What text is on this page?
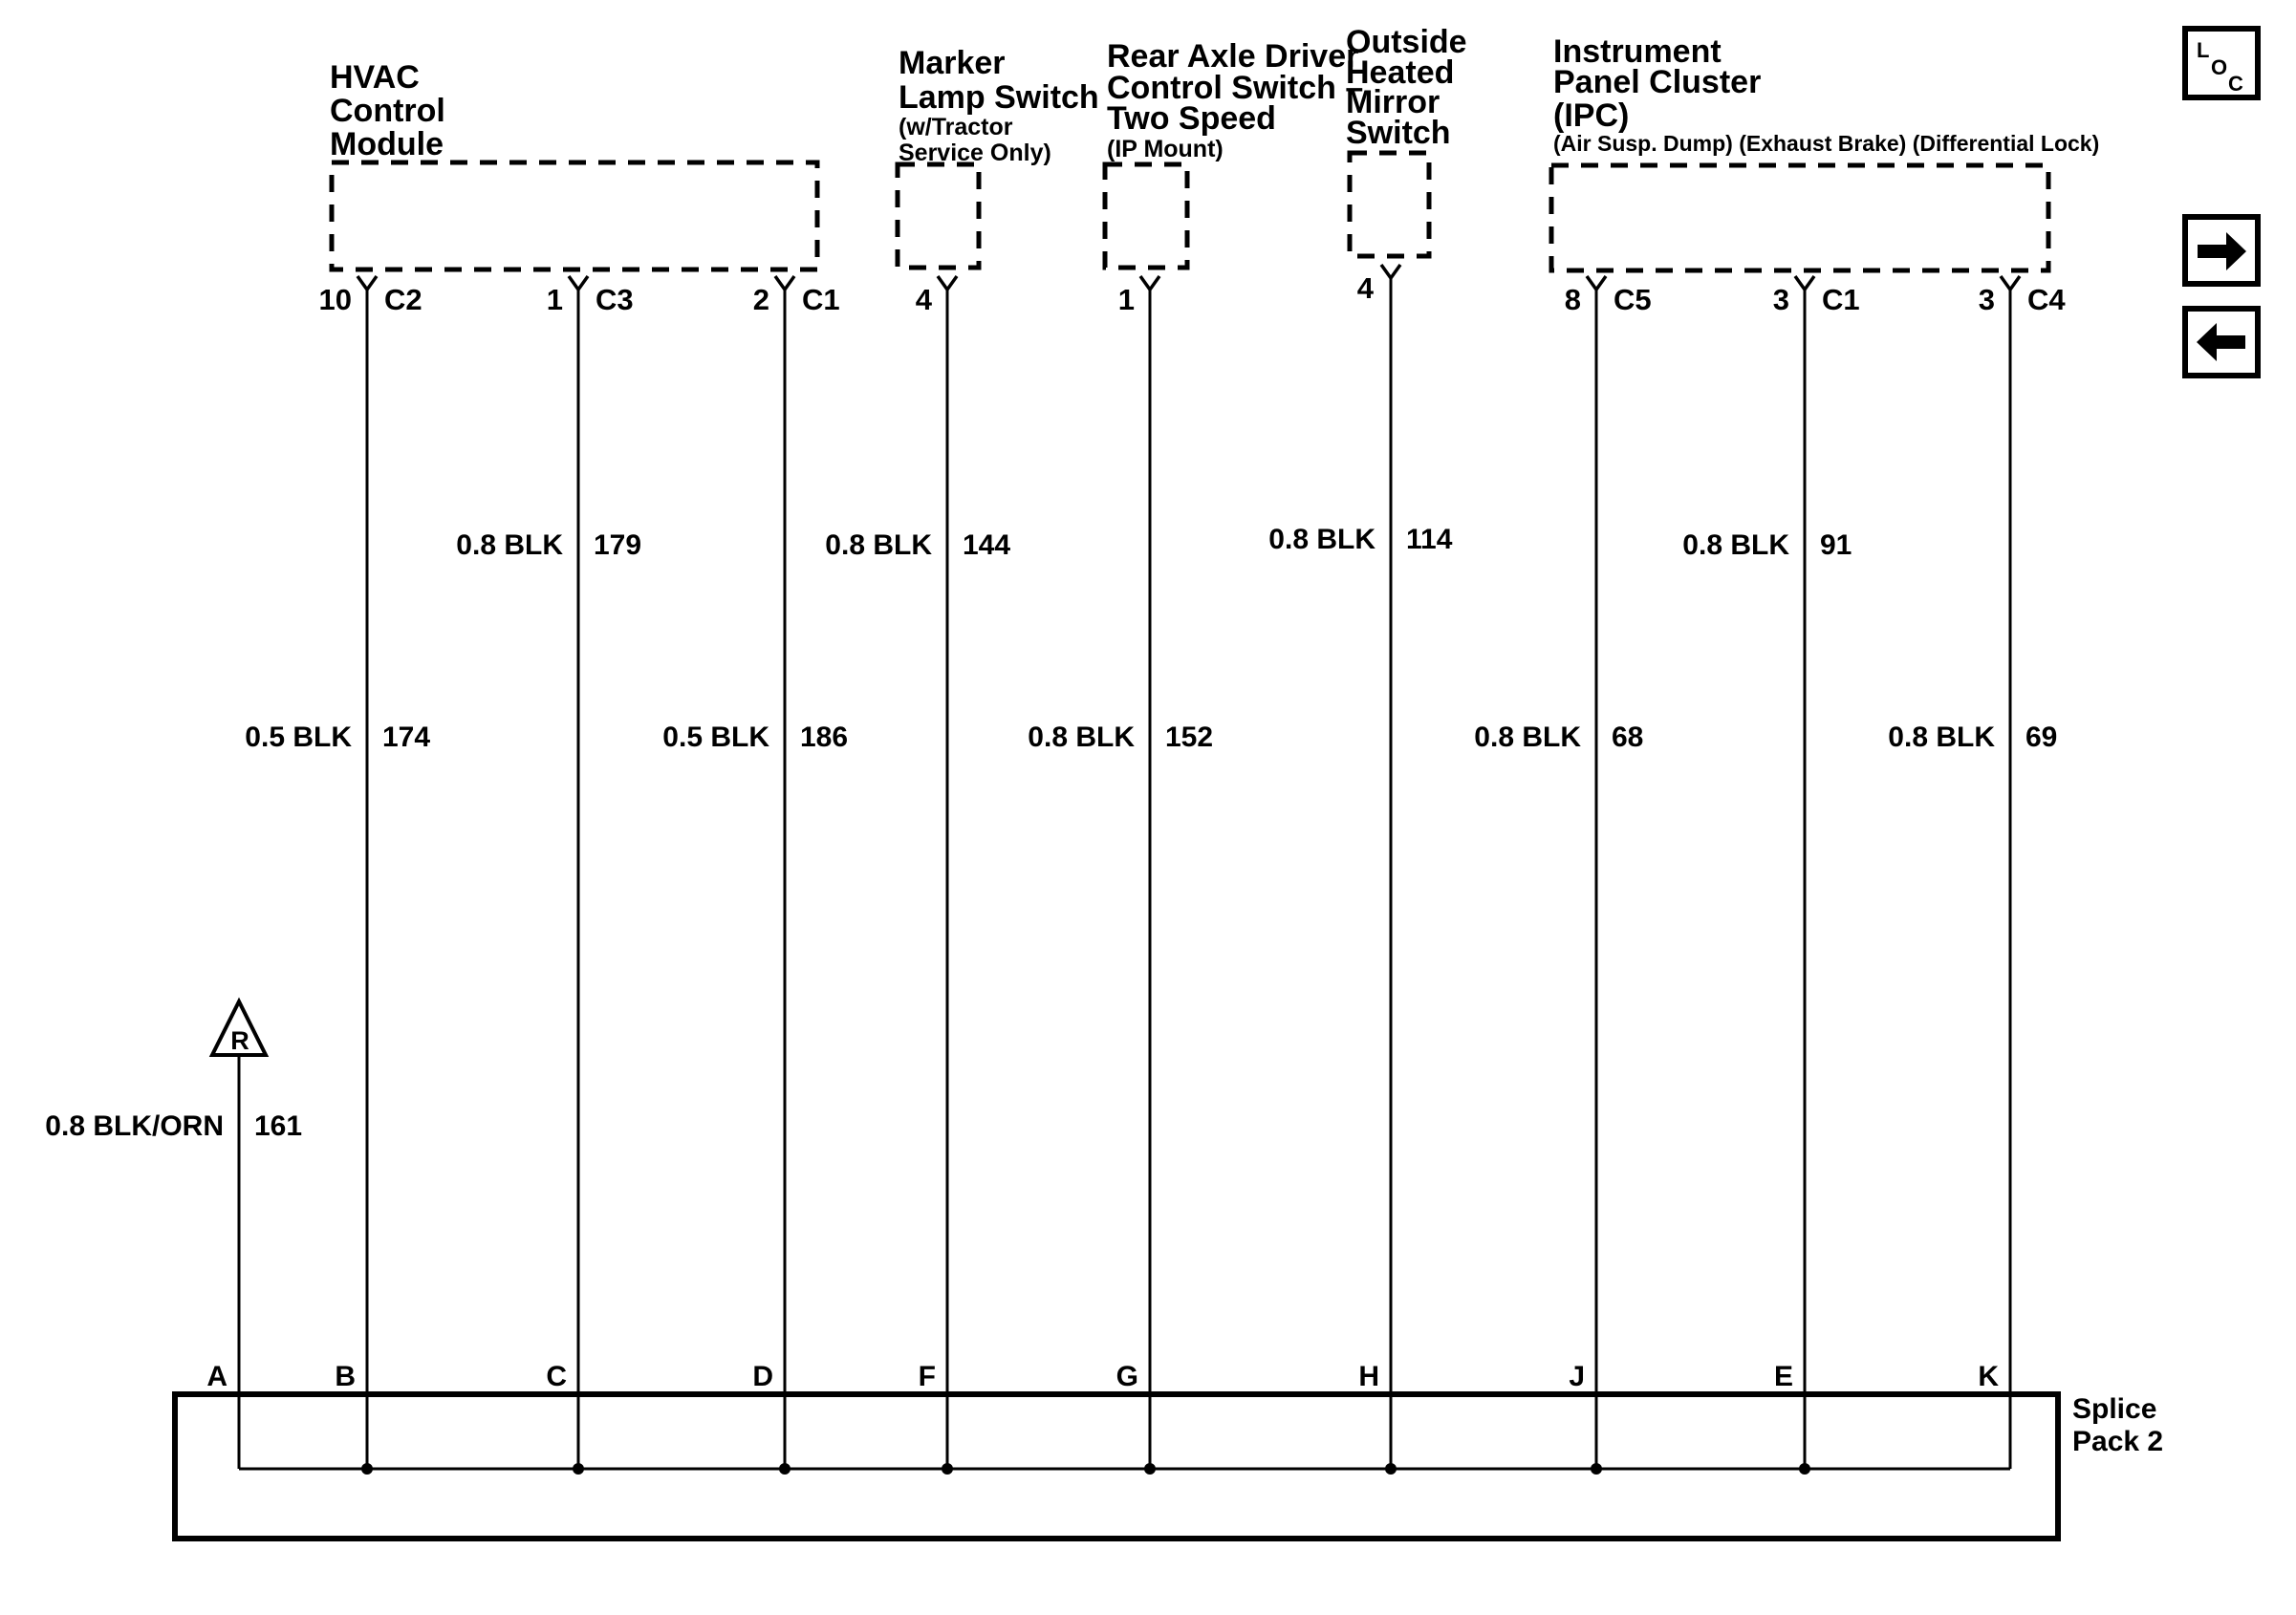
HVAC
Control
Module
Marker
Lamp Switch
(w/Tractor
Service Only)
Rear Axle Driver
Control Switch –
Two Speed
(IP Mount)
Outside
Heated
Mirror
Switch
Instrument
Panel Cluster
(IPC)
(Air Susp. Dump) (Exhaust Brake) (Differential Lock)
10 C2	1 C3	2 C1	4	1	4	8 C5	3 C1	3 C4
0.8 BLK 179	0.8 BLK 144	0.8 BLK 114	0.8 BLK 91
0.5 BLK 174	0.5 BLK 186	0.8 BLK 152	0.8 BLK 68	0.8 BLK 69
R
0.8 BLK/ORN 161
A	B	C	D	F	G	H	J	E	K
Splice
Pack 2
L
O
C
